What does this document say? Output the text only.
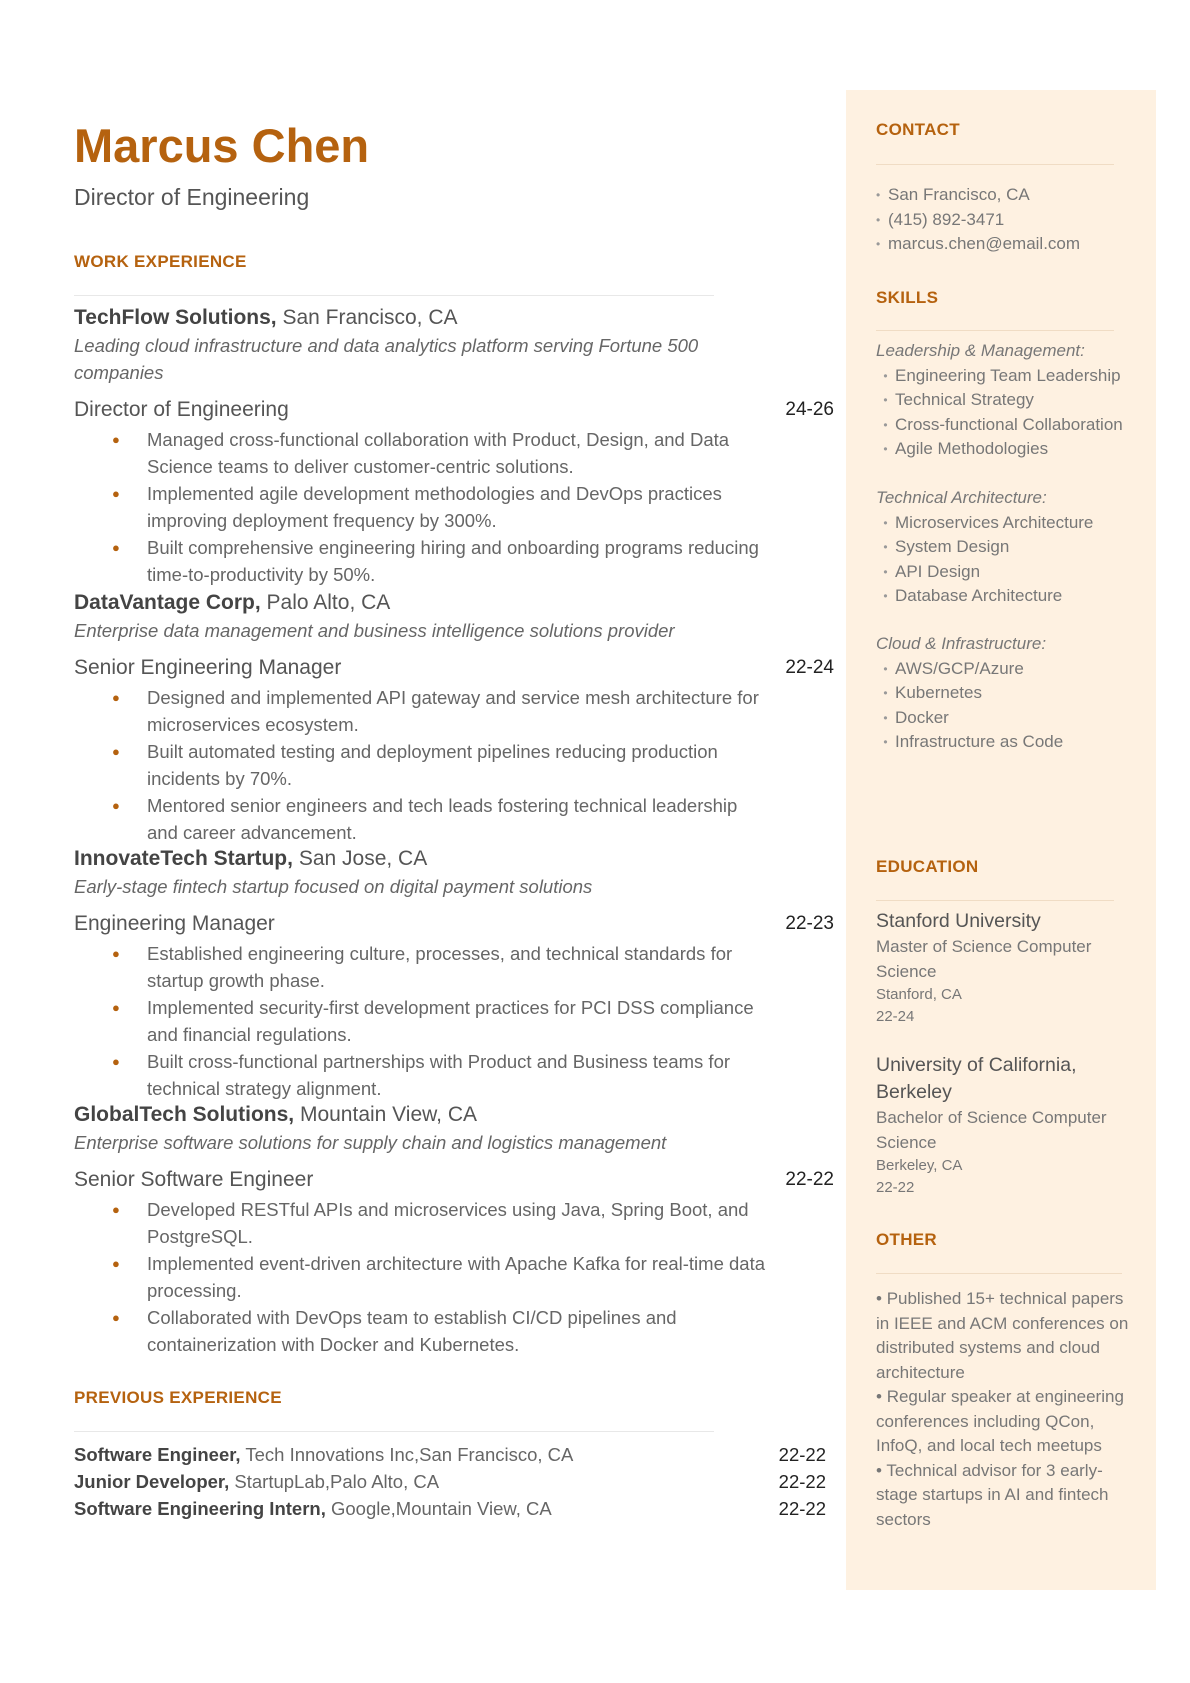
Marcus Chen
Director of Engineering
WORK EXPERIENCE
TechFlow Solutions, San Francisco, CA
Leading cloud infrastructure and data analytics platform serving Fortune 500 companies
Director of Engineering	24-26
● Managed cross-functional collaboration with Product, Design, and Data Science teams to deliver customer-centric solutions.
● Implemented agile development methodologies and DevOps practices improving deployment frequency by 300%.
● Built comprehensive engineering hiring and onboarding programs reducing time-to-productivity by 50%.
DataVantage Corp, Palo Alto, CA
Enterprise data management and business intelligence solutions provider
Senior Engineering Manager	22-24
● Designed and implemented API gateway and service mesh architecture for microservices ecosystem.
● Built automated testing and deployment pipelines reducing production incidents by 70%.
● Mentored senior engineers and tech leads fostering technical leadership and career advancement.
InnovateTech Startup, San Jose, CA
Early-stage fintech startup focused on digital payment solutions
Engineering Manager	22-23
● Established engineering culture, processes, and technical standards for startup growth phase.
● Implemented security-first development practices for PCI DSS compliance and financial regulations.
● Built cross-functional partnerships with Product and Business teams for technical strategy alignment.
GlobalTech Solutions, Mountain View, CA
Enterprise software solutions for supply chain and logistics management
Senior Software Engineer	22-22
● Developed RESTful APIs and microservices using Java, Spring Boot, and PostgreSQL.
● Implemented event-driven architecture with Apache Kafka for real-time data processing.
● Collaborated with DevOps team to establish CI/CD pipelines and containerization with Docker and Kubernetes.
PREVIOUS EXPERIENCE
Software Engineer, Tech Innovations Inc,San Francisco, CA	22-22
Junior Developer, StartupLab,Palo Alto, CA	22-22
Software Engineering Intern, Google,Mountain View, CA	22-22
CONTACT
• San Francisco, CA
• (415) 892-3471
• marcus.chen@email.com
SKILLS
Leadership & Management:
• Engineering Team Leadership
• Technical Strategy
• Cross-functional Collaboration
• Agile Methodologies
Technical Architecture:
• Microservices Architecture
• System Design
• API Design
• Database Architecture
Cloud & Infrastructure:
• AWS/GCP/Azure
• Kubernetes
• Docker
• Infrastructure as Code
EDUCATION
Stanford University
Master of Science Computer Science
Stanford, CA
22-24
University of California, Berkeley
Bachelor of Science Computer Science
Berkeley, CA
22-22
OTHER
• Published 15+ technical papers in IEEE and ACM conferences on distributed systems and cloud architecture
• Regular speaker at engineering conferences including QCon, InfoQ, and local tech meetups
• Technical advisor for 3 early-stage startups in AI and fintech sectors
